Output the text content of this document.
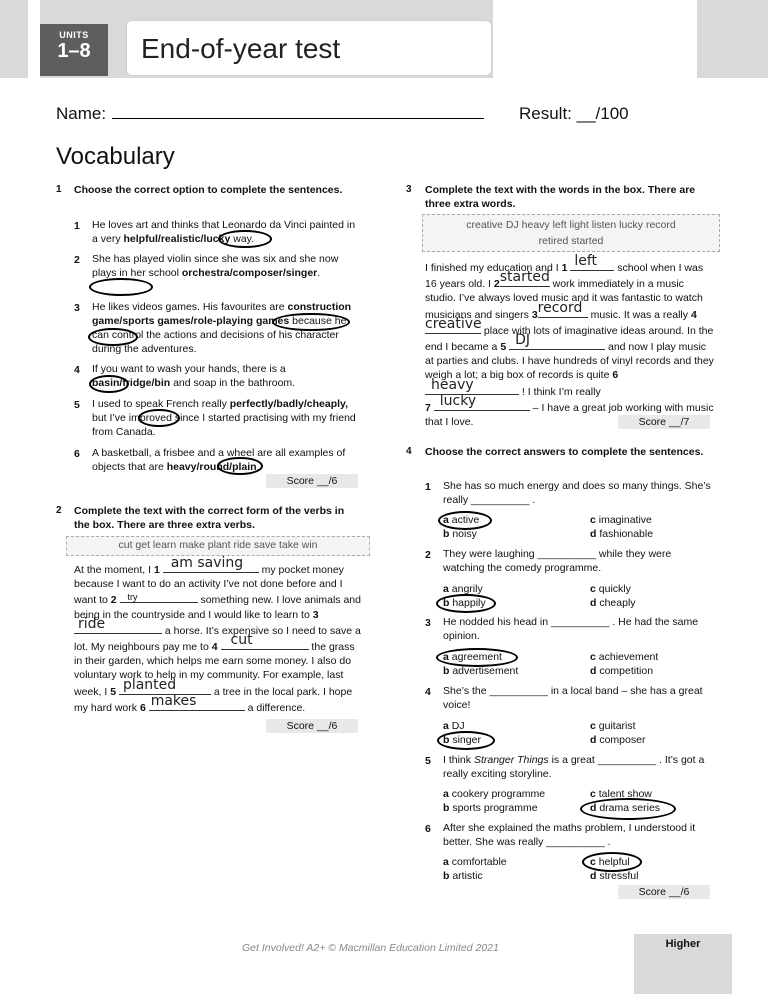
UNITS
1–8	End-of-year test
Name:	Result: __/100
Vocabulary
1 Choose the correct option to complete the sentences.
1	He loves art and thinks that Leonardo da Vinci painted in a very helpful/realistic/lucky way.
2 She has played violin since she was six and she now plays in her school orchestra/composer/singer.
3 He likes videos games. His favourites are construction game/sports games/role-playing games because he can control the actions and decisions of his character during the adventures.
4 If you want to wash your hands, there is a basin/fridge/bin and soap in the bathroom.
5 I used to speak French really perfectly/badly/cheaply, but I’ve improved since I started practising with my friend from Canada.
6 A basketball, a frisbee and a wheel are all examples of objects that are heavy/round/plain.
Score __/6
2 Complete the text with the correct form of the verbs in the box. There are three extra verbs.
cut get learn make plant ride save take win
At the moment, I 1 am saving my pocket money because I want to do an activity I’ve not done before and I want to 2 try	something new. I love animals and being in the countryside and I would like to learn to 3
ride	a horse. It’s expensive so I need to save a lot. My neighbours pay me to 4 cut	the grass in their garden, which helps me earn some money. I also do voluntary work to help in my community. For example, last week, I 5 planted	a tree in the local park. I hope my hard work 6 makes	a difference.
Score __/6
3 Complete the text with the words in the box. There are three extra words.
creative DJ heavy left light listen lucky record
retired started
I finished my education and I 1 left school when I was 16 years old. I 2 started work immediately in a music studio. I’ve always loved music and it was fantastic to watch musicians and singers 3 record music. It was a really 4
creative place with lots of imaginative ideas around. In the end I became a 5 DJ	and now I play music at parties and clubs. I have hundreds of vinyl records and they weigh a lot; a big box of records is quite 6
heavy	! I think I’m really
7 lucky	– I have a great job working with music that I love.	Score __/7
4 Choose the correct answers to complete the sentences.
1 She has so much energy and does so many things. She’s really __________ .
a active
b noisy
c imaginative
d fashionable
2 They were laughing __________ while they were watching the comedy programme.
a angrily
b happily
c quickly
d cheaply
3 He nodded his head in __________ . He had the same opinion.
a agreement
b advertisement
c achievement
d competition
4 She’s the __________ in a local band – she has a great voice!
a DJ
b singer
c guitarist
d composer
5 I think Stranger Things is a great __________ . It’s got a really exciting storyline.
a cookery programme
b sports programme
c talent show
d drama series
6 After she explained the maths problem, I understood it better. She was really __________ .
a comfortable
b artistic
c helpful
d stressful
Score __/6
Get Involved! A2+ © Macmillan Education Limited 2021	Higher
